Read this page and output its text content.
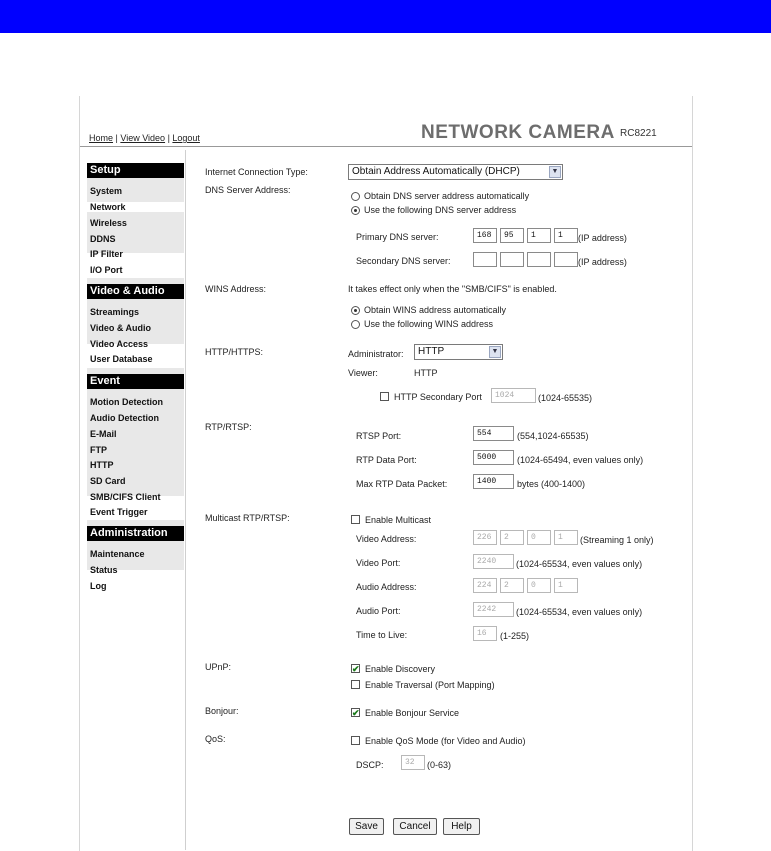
Home | View Video | Logout	NETWORK CAMERA RC8221
Setup
System
Network
Wireless
DDNS
IP Filter
I/O Port
Video & Audio
Streamings
Video & Audio
Video Access
User Database
Event
Motion Detection
Audio Detection
E-Mail
FTP
HTTP
SD Card
SMB/CIFS Client
Event Trigger
Administration
Maintenance
Status
Log
Internet Connection Type:	Obtain Address Automatically (DHCP)	▼
DNS Server Address:
Obtain DNS server address automatically
Use the following DNS server address
Primary DNS server:	168	95	1	1	(IP address)
Secondary DNS server:	(IP address)
WINS Address:	It takes effect only when the "SMB/CIFS" is enabled.
Obtain WINS address automatically
Use the following WINS address
HTTP/HTTPS:	Administrator:	HTTP	▼
Viewer:	HTTP
HTTP Secondary Port	1024	(1024-65535)
RTP/RTSP:
RTSP Port:	554	(554,1024-65535)
RTP Data Port:	5000	(1024-65494, even values only)
Max RTP Data Packet:	1400	bytes (400-1400)
Multicast RTP/RTSP:	Enable Multicast
Video Address:	226	2	0	1	(Streaming 1 only)
Video Port:	2240	(1024-65534, even values only)
Audio Address:	224	2	0	1
Audio Port:	2242	(1024-65534, even values only)
Time to Live:	16	(1-255)
UPnP:	✔ Enable Discovery
Enable Traversal (Port Mapping)
Bonjour:	✔ Enable Bonjour Service
QoS:	Enable QoS Mode (for Video and Audio)
DSCP:	32	(0-63)
Save	Cancel	Help
